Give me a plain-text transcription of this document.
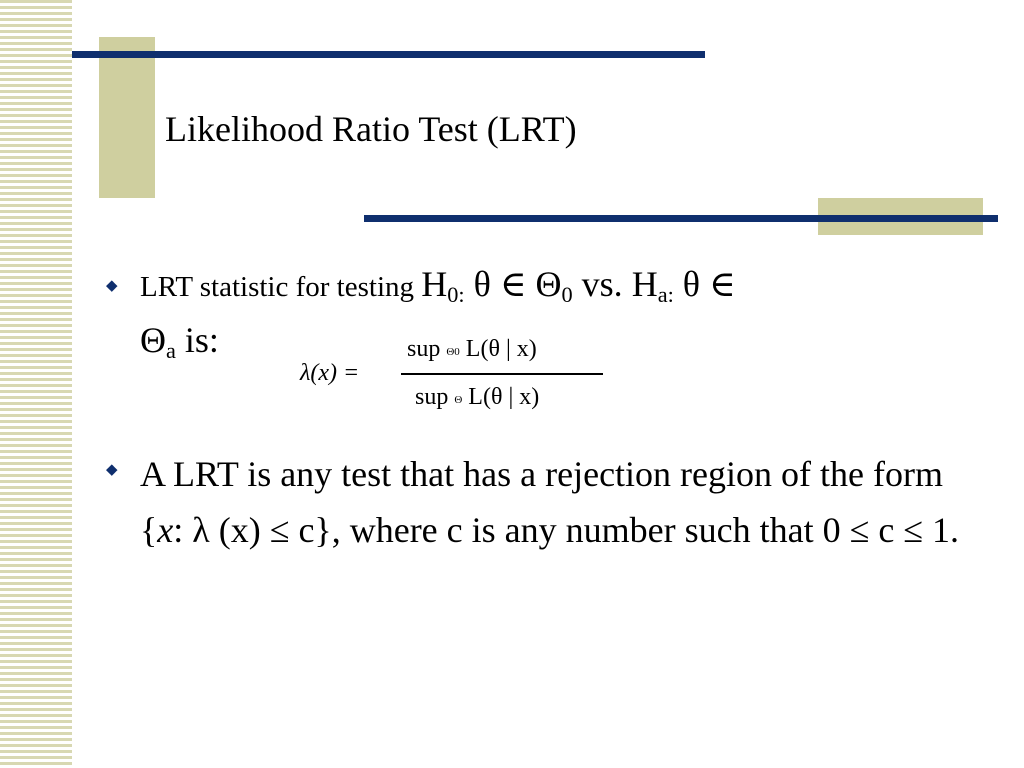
Likelihood Ratio Test (LRT)
◆ LRT statistic for testing $H_{0:}$ θ ∈ $\Theta_0$ vs. $H_{a:}$ θ ∈
$\Theta_a$ is:
λ(x) =
sup Θ0 L(θ | x)
sup Θ L(θ | x)
◆ A LRT is any test that has a rejection region of the form {x: λ (x) ≤ c}, where c is any number such that 0 ≤ c ≤ 1.
